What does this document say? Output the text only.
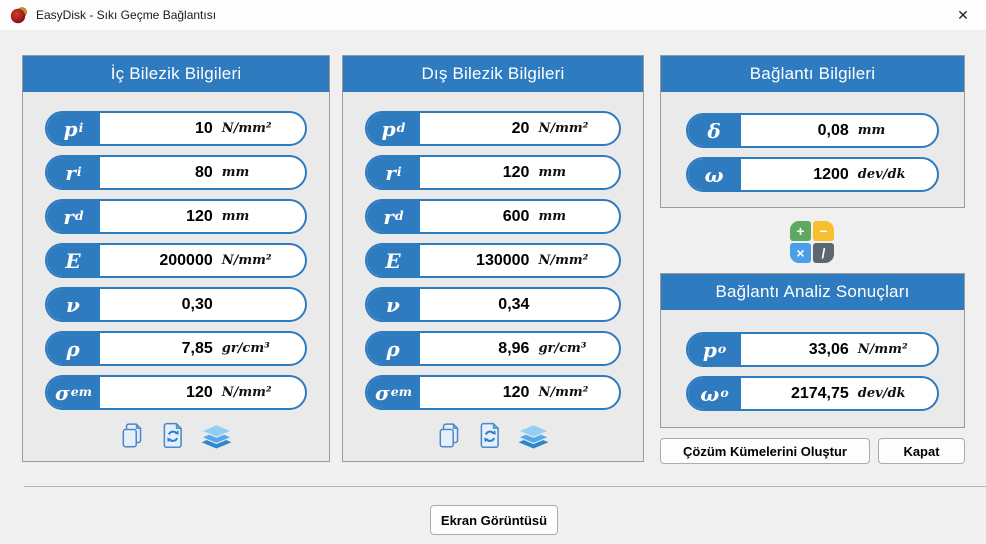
EasyDisk - Sıkı Geçme Bağlantısı	✕
İç Bilezik Bilgileri
p i	10 N/mm²
r i	80 mm
r d	120 mm
E	200000 N/mm²
ν	0,30
ρ	7,85 gr/cm³
σ em	120 N/mm²
Dış Bilezik Bilgileri
p d	20 N/mm²
r i	120 mm
r d	600 mm
E	130000 N/mm²
ν	0,34
ρ	8,96 gr/cm³
σ em	120 N/mm²
Bağlantı Bilgileri
δ	0,08 mm
ω	1200 dev/dk
+	−
×	/
Bağlantı Analiz Sonuçları
p o	33,06 N/mm²
ω o	2174,75 dev/dk
Çözüm Kümelerini Oluştur	Kapat
Ekran Görüntüsü
